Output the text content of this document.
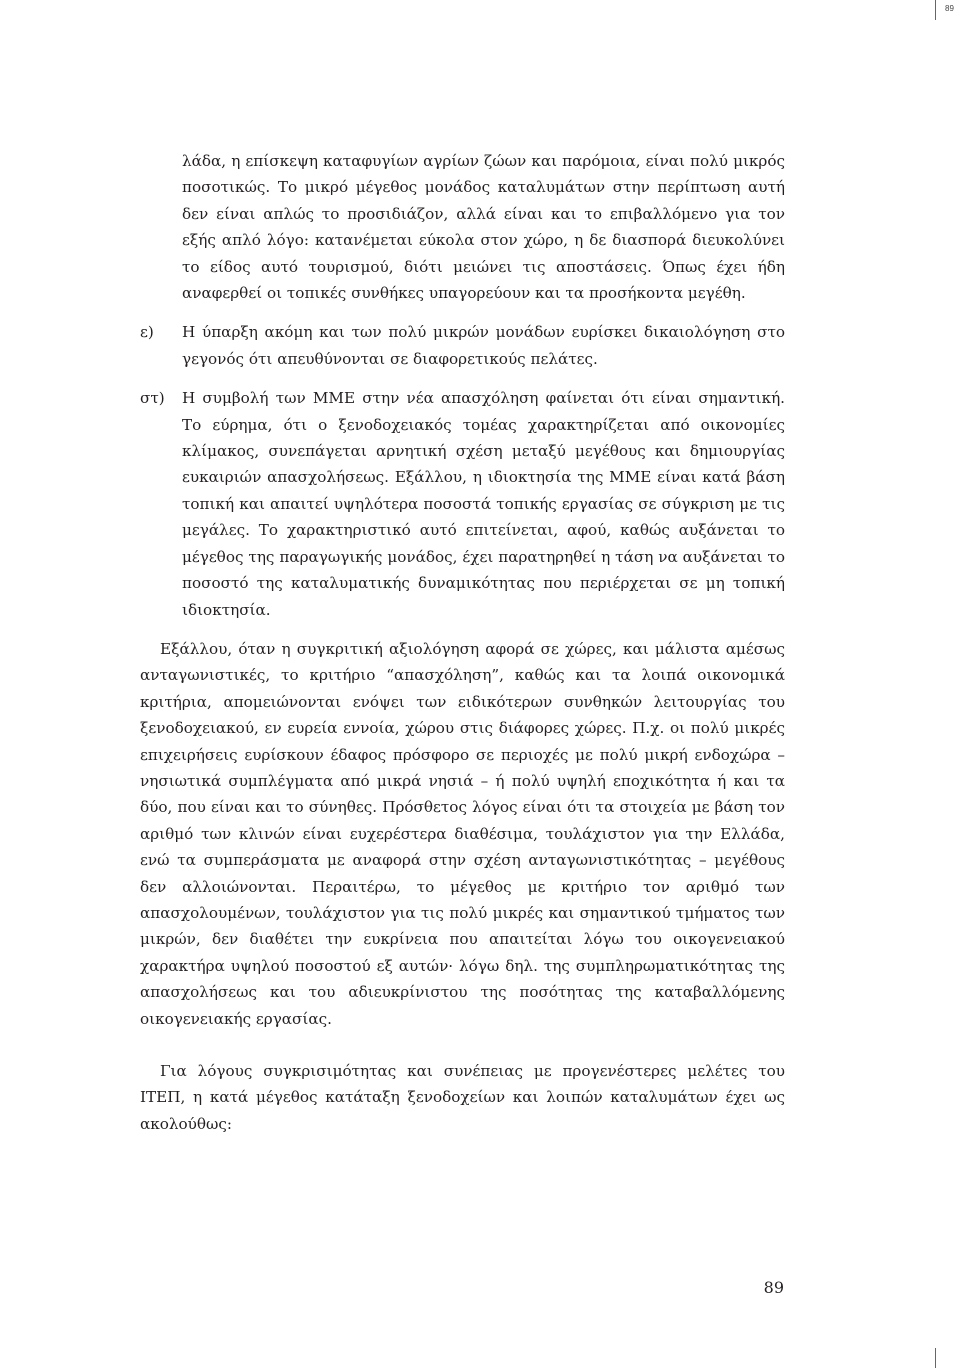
89

λάδα, η επίσκεψη καταφυγίων αγρίων ζώων και παρόμοια, είναι πολύ μικρός ποσοτικώς. Το μικρό μέγεθος μονάδος καταλυμάτων στην περίπτωση αυτή δεν είναι απλώς το προσιδιάζον, αλλά είναι και το επιβαλλόμενο για τον εξής απλό λόγο: κατανέμεται εύκολα στον χώρο, η δε διασπορά διευκολύνει το είδος αυτό τουρισμού, διότι μειώνει τις αποστάσεις. Όπως έχει ήδη αναφερθεί οι τοπικές συνθήκες υπαγορεύουν και τα προσήκοντα μεγέθη.

ε)	Η ύπαρξη ακόμη και των πολύ μικρών μονάδων ευρίσκει δικαιολόγηση στο γεγονός ότι απευθύνονται σε διαφορετικούς πελάτες.

στ)	Η συμβολή των ΜΜΕ στην νέα απασχόληση φαίνεται ότι είναι σημαντική. Το εύρημα, ότι ο ξενοδοχειακός τομέας χαρακτηρίζεται από οικονομίες κλίμακος, συνεπάγεται αρνητική σχέση μεταξύ μεγέθους και δημιουργίας ευκαιριών απασχολήσεως. Εξάλλου, η ιδιοκτησία της ΜΜΕ είναι κατά βάση τοπική και απαιτεί υψηλότερα ποσοστά τοπικής εργασίας σε σύγκριση με τις μεγάλες. Το χαρακτηριστικό αυτό επιτείνεται, αφού, καθώς αυξάνεται το μέγεθος της παραγωγικής μονάδος, έχει παρατηρηθεί η τάση να αυξάνεται το ποσοστό της καταλυματικής δυναμικότητας που περιέρχεται σε μη τοπική ιδιοκτησία.

Εξάλλου, όταν η συγκριτική αξιολόγηση αφορά σε χώρες, και μάλιστα αμέσως ανταγωνιστικές, το κριτήριο “απασχόληση”, καθώς και τα λοιπά οικονομικά κριτήρια, απομειώνονται ενόψει των ειδικότερων συνθηκών λειτουργίας του ξενοδοχειακού, εν ευρεία εννοία, χώρου στις διάφορες χώρες. Π.χ. οι πολύ μικρές επιχειρήσεις ευρίσκουν έδαφος πρόσφορο σε περιοχές με πολύ μικρή ενδοχώρα – νησιωτικά συμπλέγματα από μικρά νησιά – ή πολύ υψηλή εποχικότητα ή και τα δύο, που είναι και το σύνηθες. Πρόσθετος λόγος είναι ότι τα στοιχεία με βάση τον αριθμό των κλινών είναι ευχερέστερα διαθέσιμα, τουλάχιστον για την Ελλάδα, ενώ τα συμπεράσματα με αναφορά στην σχέση ανταγωνιστικότητας – μεγέθους δεν αλλοιώνονται. Περαιτέρω, το μέγεθος με κριτήριο τον αριθμό των απασχολουμένων, τουλάχιστον για τις πολύ μικρές και σημαντικού τμήματος των μικρών, δεν διαθέτει την ευκρίνεια που απαιτείται λόγω του οικογενειακού χαρακτήρα υψηλού ποσοστού εξ αυτών· λόγω δηλ. της συμπληρωματικότητας της απασχολήσεως και του αδιευκρίνιστου της ποσότητας της καταβαλλόμενης οικογενειακής εργασίας.

Για λόγους συγκρισιμότητας και συνέπειας με προγενέστερες μελέτες του ΙΤΕΠ, η κατά μέγεθος κατάταξη ξενοδοχείων και λοιπών καταλυμάτων έχει ως ακολούθως:

89
